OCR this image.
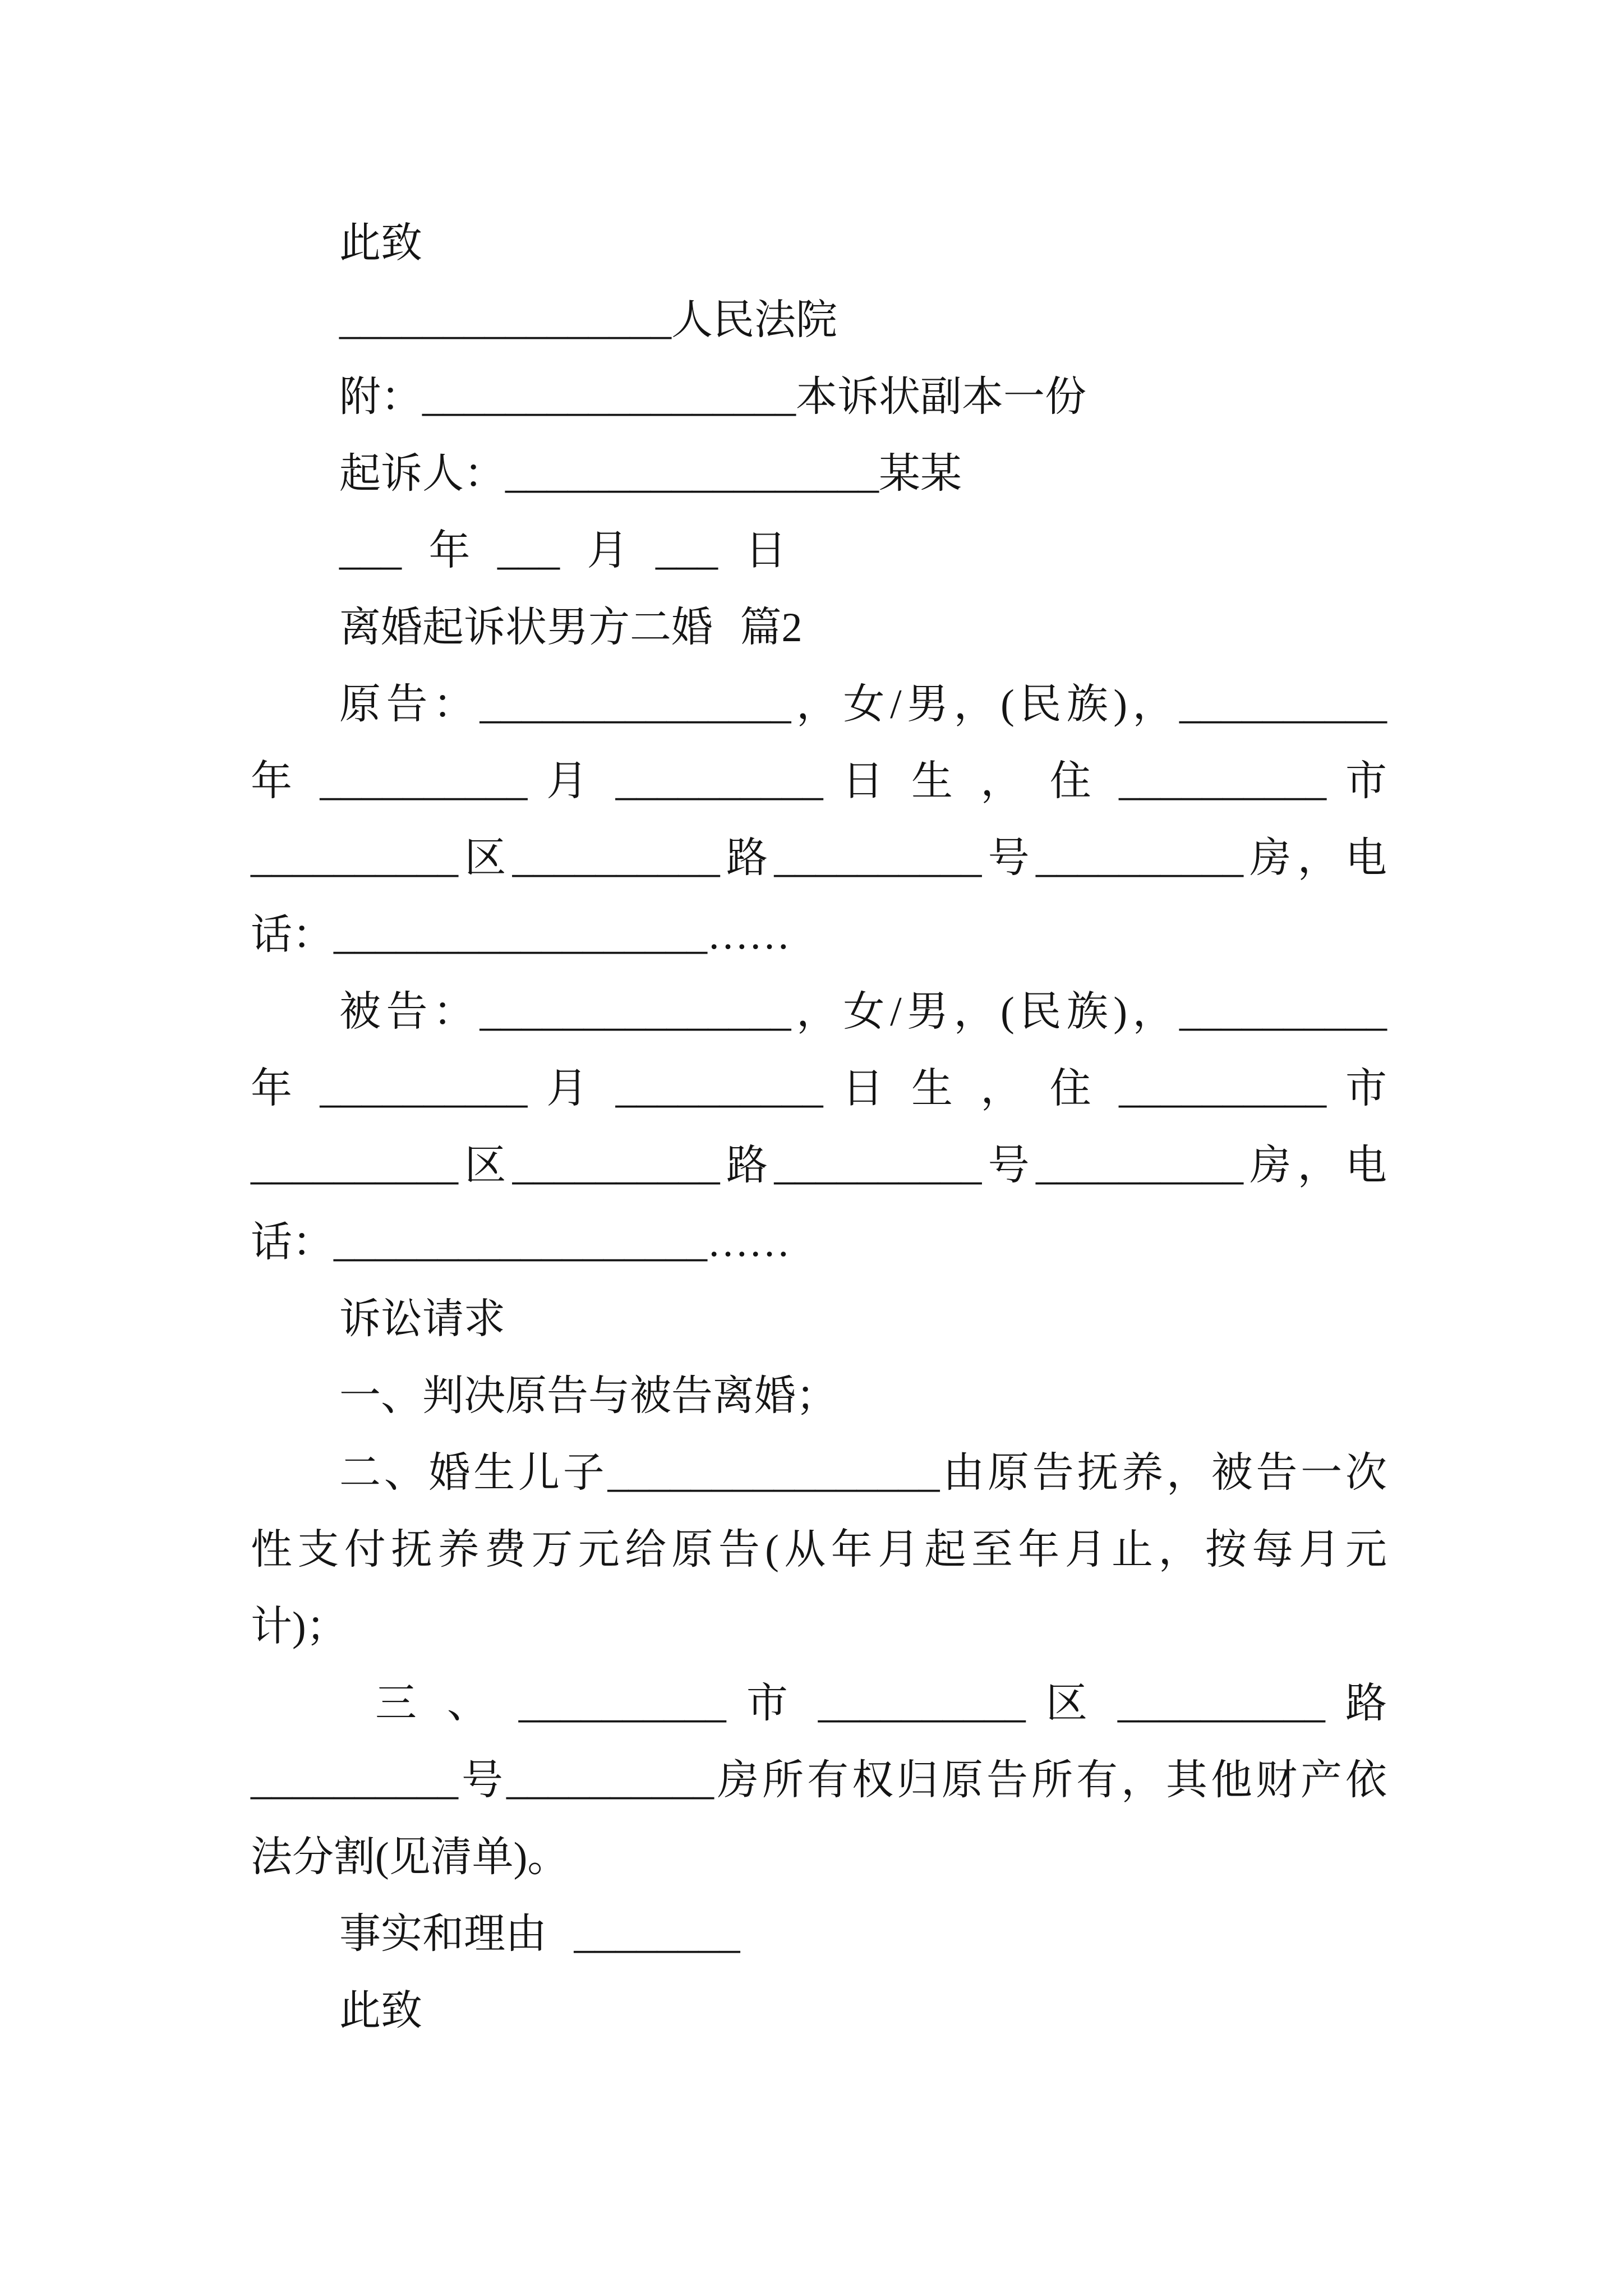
此致
________________人民法院
附：__________________本诉状副本一份
起诉人：__________________某某
___ 年 ___ 月 ___ 日
离婚起诉状男方二婚 篇2
原告：_______________，女/男，(民族)，__________
年 __________ 月 __________ 日 生 ， 住 __________ 市
__________区__________路__________号__________房，电
话：__________________……
被告：_______________，女/男，(民族)，__________
年 __________ 月 __________ 日 生 ， 住 __________ 市
__________区__________路__________号__________房，电
话：__________________……
诉讼请求
一、判决原告与被告离婚；
二、婚生儿子________________由原告抚养，被告一次
性支付抚养费万元给原告(从年月起至年月止，按每月元
计)；
三 、 __________ 市 __________ 区 __________ 路
__________号__________房所有权归原告所有，其他财产依
法分割(见清单)。
事实和理由 ________
此致
